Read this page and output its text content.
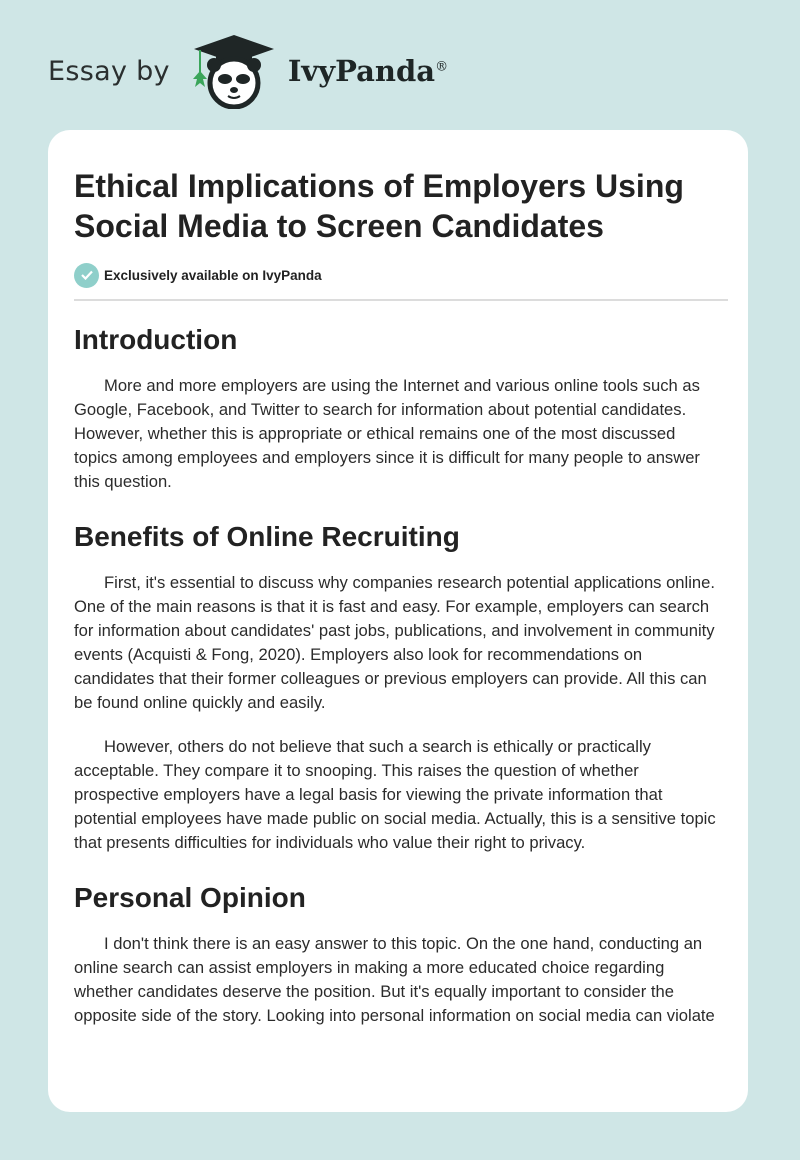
Essay by	IvyPanda®
Ethical Implications of Employers Using
Social Media to Screen Candidates
Exclusively available on IvyPanda
Introduction
More and more employers are using the Internet and various online tools such as
Google, Facebook, and Twitter to search for information about potential candidates.
However, whether this is appropriate or ethical remains one of the most discussed
topics among employees and employers since it is difficult for many people to answer
this question.
Benefits of Online Recruiting
First, it's essential to discuss why companies research potential applications online.
One of the main reasons is that it is fast and easy. For example, employers can search
for information about candidates' past jobs, publications, and involvement in community
events (Acquisti & Fong, 2020). Employers also look for recommendations on
candidates that their former colleagues or previous employers can provide. All this can
be found online quickly and easily.
However, others do not believe that such a search is ethically or practically
acceptable. They compare it to snooping. This raises the question of whether
prospective employers have a legal basis for viewing the private information that
potential employees have made public on social media. Actually, this is a sensitive topic
that presents difficulties for individuals who value their right to privacy.
Personal Opinion
I don't think there is an easy answer to this topic. On the one hand, conducting an
online search can assist employers in making a more educated choice regarding
whether candidates deserve the position. But it's equally important to consider the
opposite side of the story. Looking into personal information on social media can violate
